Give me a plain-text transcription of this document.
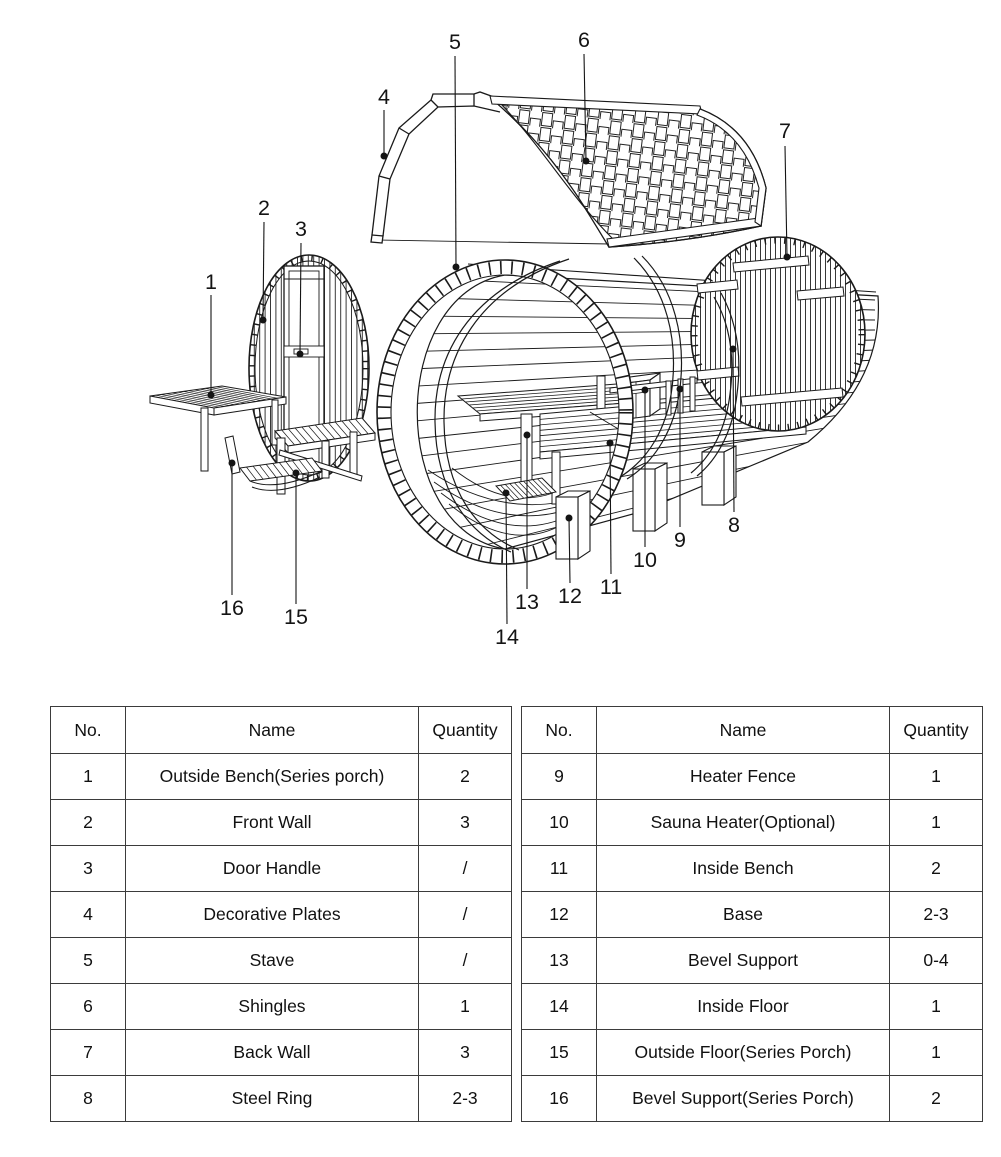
1
2
3
4
5	6
7
8
9
10
11
12
13
14
15
16
No.	Name	Quantity
1	Outside Bench(Series porch)	2
2	Front Wall	3
3	Door Handle	/
4	Decorative Plates	/
5	Stave	/
6	Shingles	1
7	Back Wall	3
8	Steel Ring	2-3
No.	Name	Quantity
9	Heater Fence	1
10	Sauna Heater(Optional)	1
11	Inside Bench	2
12	Base	2-3
13	Bevel Support	0-4
14	Inside Floor	1
15	Outside Floor(Series Porch)	1
16	Bevel Support(Series Porch)	2
